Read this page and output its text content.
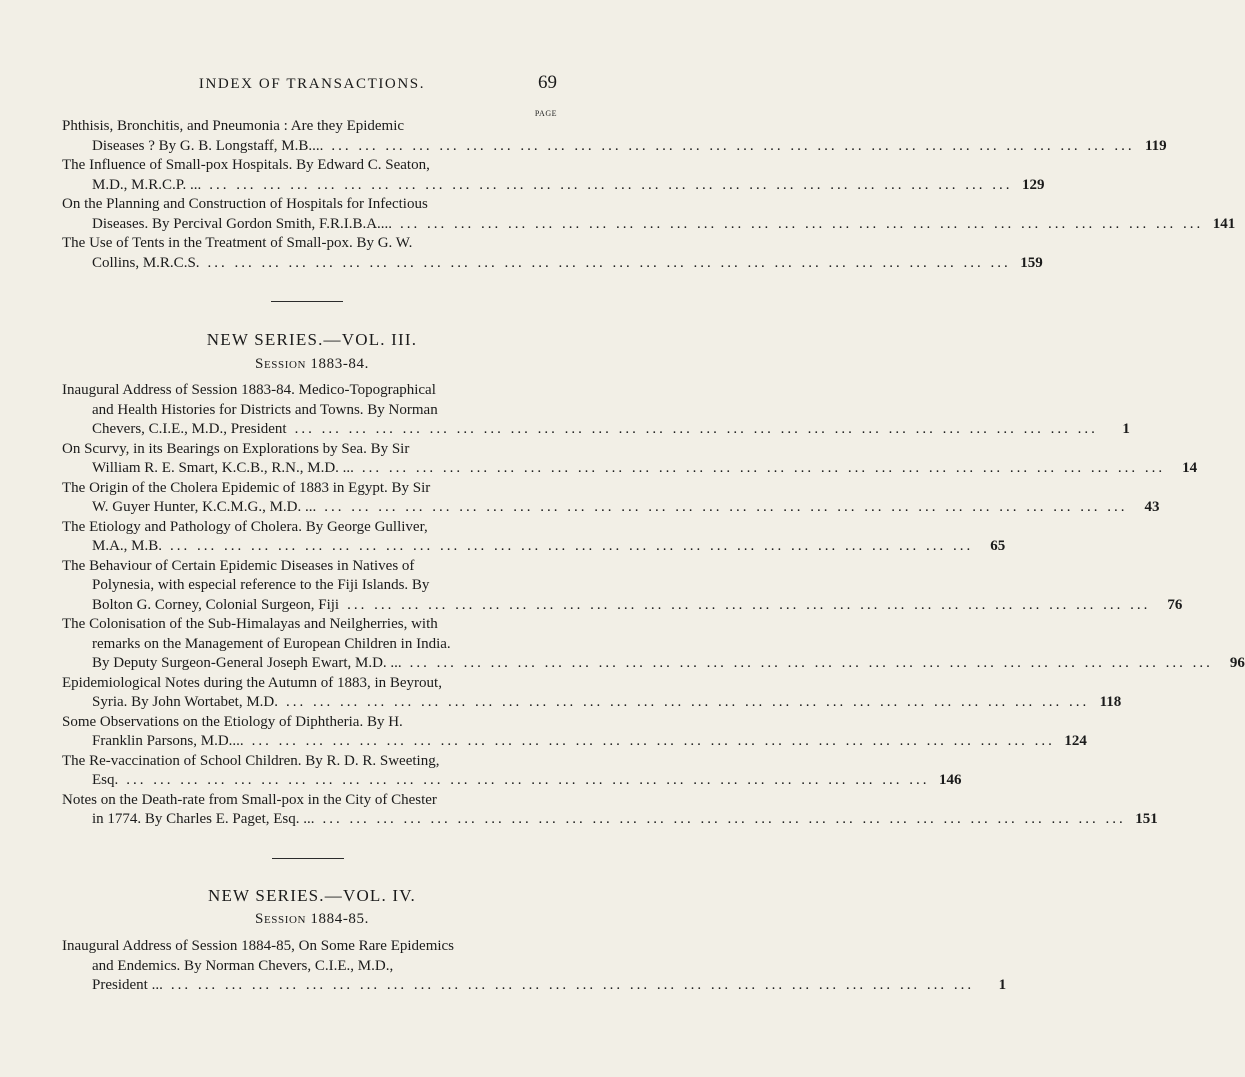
INDEX OF TRANSACTIONS.	69
PAGE
Phthisis, Bronchitis, and Pneumonia : Are they Epidemic
Diseases ? By G. B. Longstaff, M.B.... ... ... ... ... ... ... ... ... ... ... ... ... ... ... ... ... ... ... ... ... ... ... ... ... ... ... ... ... ... ... 119
The Influence of Small-pox Hospitals. By Edward C. Seaton,
M.D., M.R.C.P. ... ... ... ... ... ... ... ... ... ... ... ... ... ... ... ... ... ... ... ... ... ... ... ... ... ... ... ... ... ... ... 129
On the Planning and Construction of Hospitals for Infectious
Diseases. By Percival Gordon Smith, F.R.I.B.A.... ... ... ... ... ... ... ... ... ... ... ... ... ... ... ... ... ... ... ... ... ... ... ... ... ... ... ... ... ... ... 141
The Use of Tents in the Treatment of Small-pox. By G. W.
Collins, M.R.C.S. ... ... ... ... ... ... ... ... ... ... ... ... ... ... ... ... ... ... ... ... ... ... ... ... ... ... ... ... ... ... 159
NEW SERIES.—VOL. III.
Session 1883-84.
Inaugural Address of Session 1883-84. Medico-Topographical
and Health Histories for Districts and Towns. By Norman
Chevers, C.I.E., M.D., President ... ... ... ... ... ... ... ... ... ... ... ... ... ... ... ... ... ... ... ... ... ... ... ... ... ... ... ... ... ...	1
On Scurvy, in its Bearings on Explorations by Sea. By Sir
William R. E. Smart, K.C.B., R.N., M.D. ... ... ... ... ... ... ... ... ... ... ... ... ... ... ... ... ... ... ... ... ... ... ... ... ... ... ... ... ... ... ...	14
The Origin of the Cholera Epidemic of 1883 in Egypt. By Sir
W. Guyer Hunter, K.C.M.G., M.D. ... ... ... ... ... ... ... ... ... ... ... ... ... ... ... ... ... ... ... ... ... ... ... ... ... ... ... ... ... ... ...	43
The Etiology and Pathology of Cholera. By George Gulliver,
M.A., M.B. ... ... ... ... ... ... ... ... ... ... ... ... ... ... ... ... ... ... ... ... ... ... ... ... ... ... ... ... ... ...	65
The Behaviour of Certain Epidemic Diseases in Natives of
Polynesia, with especial reference to the Fiji Islands. By
Bolton G. Corney, Colonial Surgeon, Fiji ... ... ... ... ... ... ... ... ... ... ... ... ... ... ... ... ... ... ... ... ... ... ... ... ... ... ... ... ... ...	76
The Colonisation of the Sub-Himalayas and Neilgherries, with
remarks on the Management of European Children in India.
By Deputy Surgeon-General Joseph Ewart, M.D. ... ... ... ... ... ... ... ... ... ... ... ... ... ... ... ... ... ... ... ... ... ... ... ... ... ... ... ... ... ... ...	96
Epidemiological Notes during the Autumn of 1883, in Beyrout,
Syria. By John Wortabet, M.D. ... ... ... ... ... ... ... ... ... ... ... ... ... ... ... ... ... ... ... ... ... ... ... ... ... ... ... ... ... ... 118
Some Observations on the Etiology of Diphtheria. By H.
Franklin Parsons, M.D.... ... ... ... ... ... ... ... ... ... ... ... ... ... ... ... ... ... ... ... ... ... ... ... ... ... ... ... ... ... ... 124
The Re-vaccination of School Children. By R. D. R. Sweeting,
Esq. ... ... ... ... ... ... ... ... ... ... ... ... ... ... ... ... ... ... ... ... ... ... ... ... ... ... ... ... ... ... 146
Notes on the Death-rate from Small-pox in the City of Chester
in 1774. By Charles E. Paget, Esq. ... ... ... ... ... ... ... ... ... ... ... ... ... ... ... ... ... ... ... ... ... ... ... ... ... ... ... ... ... ... ... 151
NEW SERIES.—VOL. IV.
Session 1884-85.
Inaugural Address of Session 1884-85, On Some Rare Epidemics
and Endemics. By Norman Chevers, C.I.E., M.D.,
President ... ... ... ... ... ... ... ... ... ... ... ... ... ... ... ... ... ... ... ... ... ... ... ... ... ... ... ... ... ... ...	1
